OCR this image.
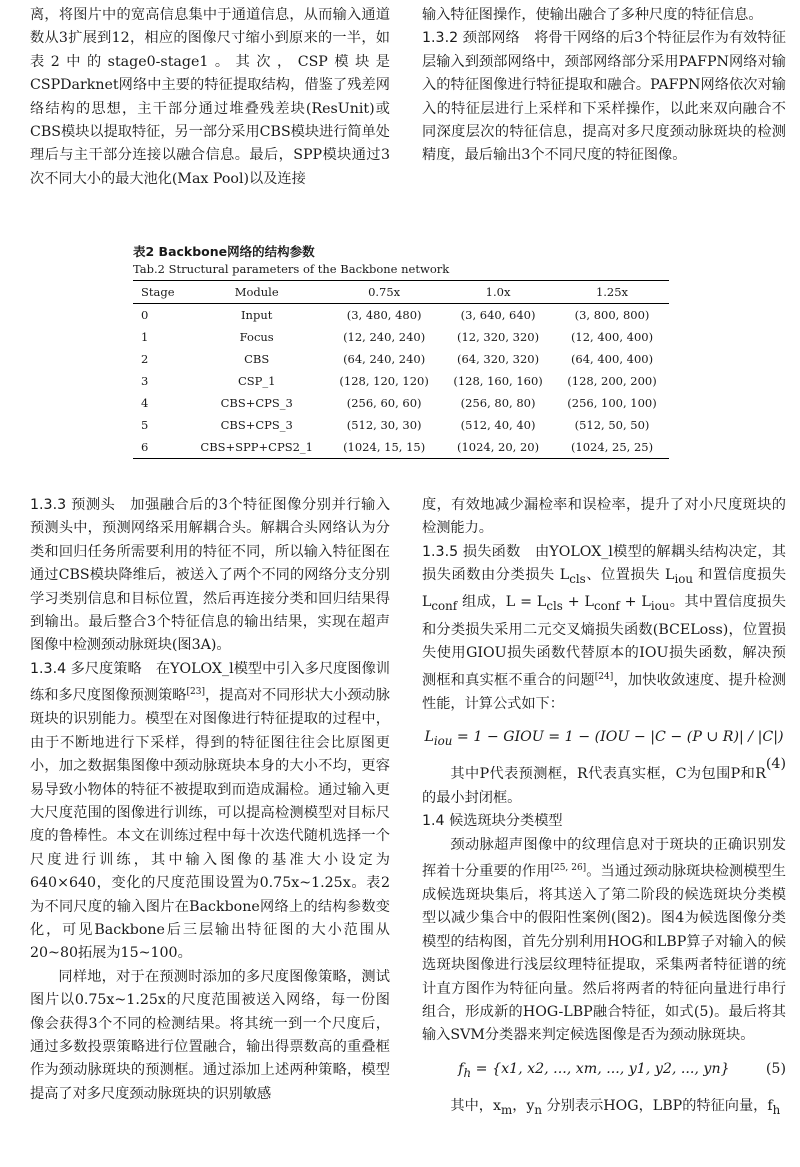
离，将图片中的宽高信息集中于通道信息，从而输入通道数从3扩展到12，相应的图像尺寸缩小到原来的一半，如表2中的stage0-stage1。其次，CSP模块是CSPDarknet网络中主要的特征提取结构，借鉴了残差网络结构的思想，主干部分通过堆叠残差块(ResUnit)或CBS模块以提取特征，另一部分采用CBS模块进行简单处理后与主干部分连接以融合信息。最后，SPP模块通过3次不同大小的最大池化(Max Pool)以及连接

输入特征图操作，使输出融合了多种尺度的特征信息。

1.3.2 颈部网络　 将骨干网络的后3个特征层作为有效特征层输入到颈部网络中，颈部网络部分采用PAFPN网络对输入的特征图像进行特征提取和融合。PAFPN网络依次对输入的特征层进行上采样和下采样操作，以此来双向融合不同深度层次的特征信息，提高对多尺度颈动脉斑块的检测精度，最后输出3个不同尺度的特征图像。

表2 Backbone网络的结构参数
Tab.2 Structural parameters of the Backbone network
Stage	Module	0.75x	1.0x	1.25x
0	Input	(3, 480, 480)	(3, 640, 640)	(3, 800, 800)
1	Focus	(12, 240, 240)	(12, 320, 320)	(12, 400, 400)
2	CBS	(64, 240, 240)	(64, 320, 320)	(64, 400, 400)
3	CSP_1	(128, 120, 120)	(128, 160, 160)	(128, 200, 200)
4	CBS+CPS_3	(256, 60, 60)	(256, 80, 80)	(256, 100, 100)
5	CBS+CPS_3	(512, 30, 30)	(512, 40, 40)	(512, 50, 50)
6	CBS+SPP+CPS2_1	(1024, 15, 15)	(1024, 20, 20)	(1024, 25, 25)

1.3.3 预测头　 加强融合后的3个特征图像分别并行输入预测头中，预测网络采用解耦合头。解耦合头网络认为分类和回归任务所需要利用的特征不同，所以输入特征图在通过CBS模块降维后，被送入了两个不同的网络分支分别学习类别信息和目标位置，然后再连接分类和回归结果得到输出。最后整合3个特征信息的输出结果，实现在超声图像中检测颈动脉斑块(图3A)。

1.3.4 多尺度策略　 在YOLOX_l模型中引入多尺度图像训练和多尺度图像预测策略[23]，提高对不同形状大小颈动脉斑块的识别能力。模型在对图像进行特征提取的过程中，由于不断地进行下采样，得到的特征图往往会比原图更小，加之数据集图像中颈动脉斑块本身的大小不均，更容易导致小物体的特征不被提取到而造成漏检。通过输入更大尺度范围的图像进行训练，可以提高检测模型对目标尺度的鲁棒性。本文在训练过程中每十次迭代随机选择一个尺度进行训练，其中输入图像的基准大小设定为640×640，变化的尺度范围设置为0.75x~1.25x。表2为不同尺度的输入图片在Backbone网络上的结构参数变化，可见Backbone后三层输出特征图的大小范围从20~80拓展为15~100。

同样地，对于在预测时添加的多尺度图像策略，测试图片以0.75x~1.25x的尺度范围被送入网络，每一份图像会获得3个不同的检测结果。将其统一到一个尺度后，通过多数投票策略进行位置融合，输出得票数高的重叠框作为颈动脉斑块的预测框。通过添加上述两种策略，模型提高了对多尺度颈动脉斑块的识别敏感

度，有效地减少漏检率和误检率，提升了对小尺度斑块的检测能力。

1.3.5 损失函数　 由YOLOX_l模型的解耦头结构决定，其损失函数由分类损失 $L_{cls}$、位置损失 $L_{iou}$ 和置信度损失 $L_{conf}$ 组成，$L = L_{cls} + L_{conf} + L_{iou}$。其中置信度损失和分类损失采用二元交叉熵损失函数(BCELoss)，位置损失使用GIOU损失函数代替原本的IOU损失函数，解决预测框和真实框不重合的问题[24]，加快收敛速度、提升检测性能，计算公式如下：

$L_{iou} = 1$ − GIOU = 1 − (IOU − |C − (P ∪ R)| / |C|)
(4)

其中P代表预测框，R代表真实框，C为包围P和R的最小封闭框。

1.4 候选斑块分类模型

颈动脉超声图像中的纹理信息对于斑块的正确识别发挥着十分重要的作用[25, 26]。当通过颈动脉斑块检测模型生成候选斑块集后，将其送入了第二阶段的候选斑块分类模型以减少集合中的假阳性案例(图2)。图4为候选图像分类模型的结构图，首先分别利用HOG和LBP算子对输入的候选斑块图像进行浅层纹理特征提取，采集两者特征谱的统计直方图作为特征向量。然后将两者的特征向量进行串行组合，形成新的HOG-LBP融合特征，如式(5)。最后将其输入SVM分类器来判定候选图像是否为颈动脉斑块。

$f_h = \{x1$, x2, ..., xm, ..., y1, y2, ..., yn}	(5)

其中，$x_m$，$y_n$ 分别表示HOG，LBP的特征向量，$f_h$
